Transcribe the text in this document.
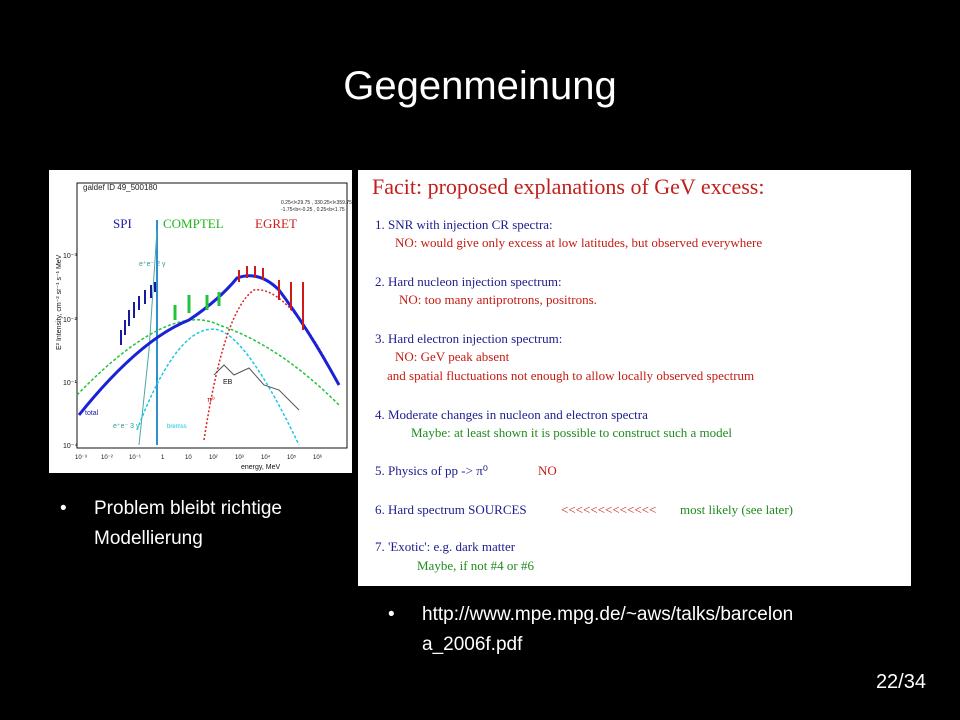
Gegenmeinung
galdef ID 49_500180
0.25<l<29.75 , 330.25<l<359.75
-1.75<b<-0.25 , 0.25<b<1.75
E² Intensity, cm⁻² sr⁻¹ s⁻¹ MeV
10⁻¹
10⁻²
10⁻³
10⁻⁴
10⁻³ 10⁻²	10⁻¹	1	10	10²	10³	10⁴	10⁵	10⁶
energy, MeV
SPI COMPTEL EGRET
e⁺e⁻ 2 γ
e⁺e⁻ 3 γ	bremss
EB
π⁰
total
Facit: proposed explanations of GeV excess:
1. SNR with injection CR spectra:
NO: would give only excess at low latitudes, but observed everywhere
2. Hard nucleon injection spectrum:
NO: too many antiprotrons, positrons.
3. Hard electron injection spectrum:
NO: GeV peak absent
and spatial fluctuations not enough to allow locally observed spectrum
4. Moderate changes in nucleon and electron spectra
Maybe: at least shown it is possible to construct such a model
5. Physics of pp -> π⁰	NO
6. Hard spectrum SOURCES	<<<<<<<<<<<<< most likely (see later)
7. 'Exotic': e.g. dark matter
Maybe, if not #4 or #6
•	Problem bleibt richtige
Modellierung
•	http://www.mpe.mpg.de/~aws/talks/barcelon
a_2006f.pdf
22/34
